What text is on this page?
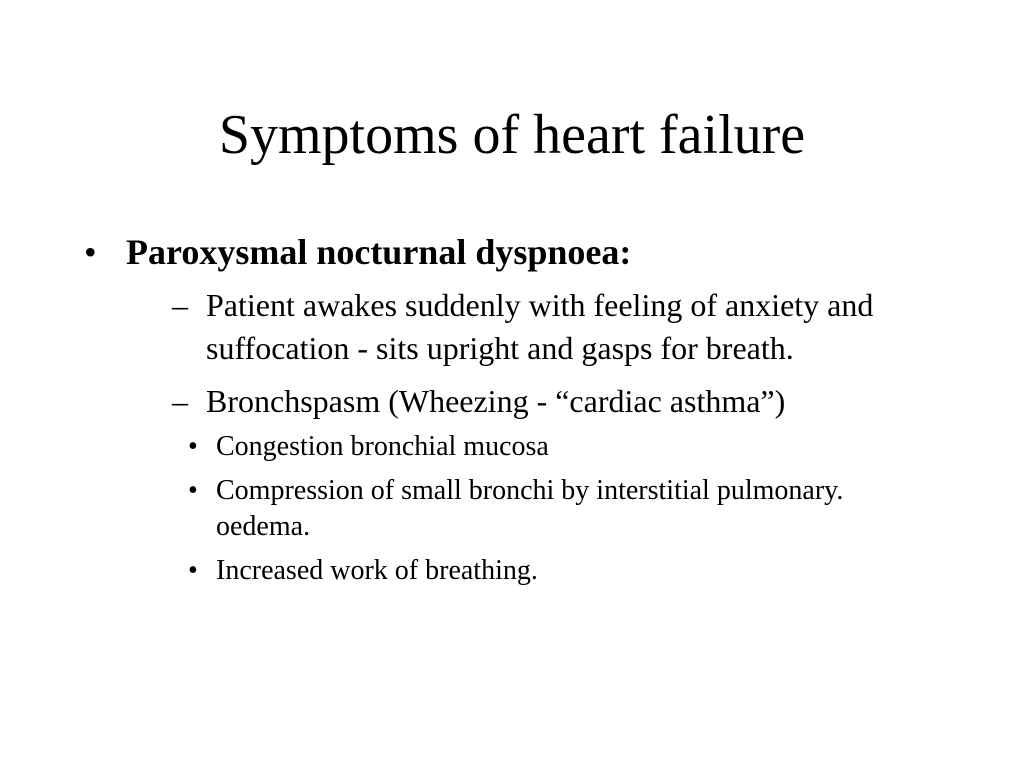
Symptoms of heart failure
• Paroxysmal nocturnal dyspnoea:
– Patient awakes suddenly with feeling of anxiety and suffocation - sits upright and gasps for breath.
– Bronchspasm (Wheezing - “cardiac asthma”)
• Congestion bronchial mucosa
• Compression of small bronchi by interstitial pulmonary. oedema.
• Increased work of breathing.
